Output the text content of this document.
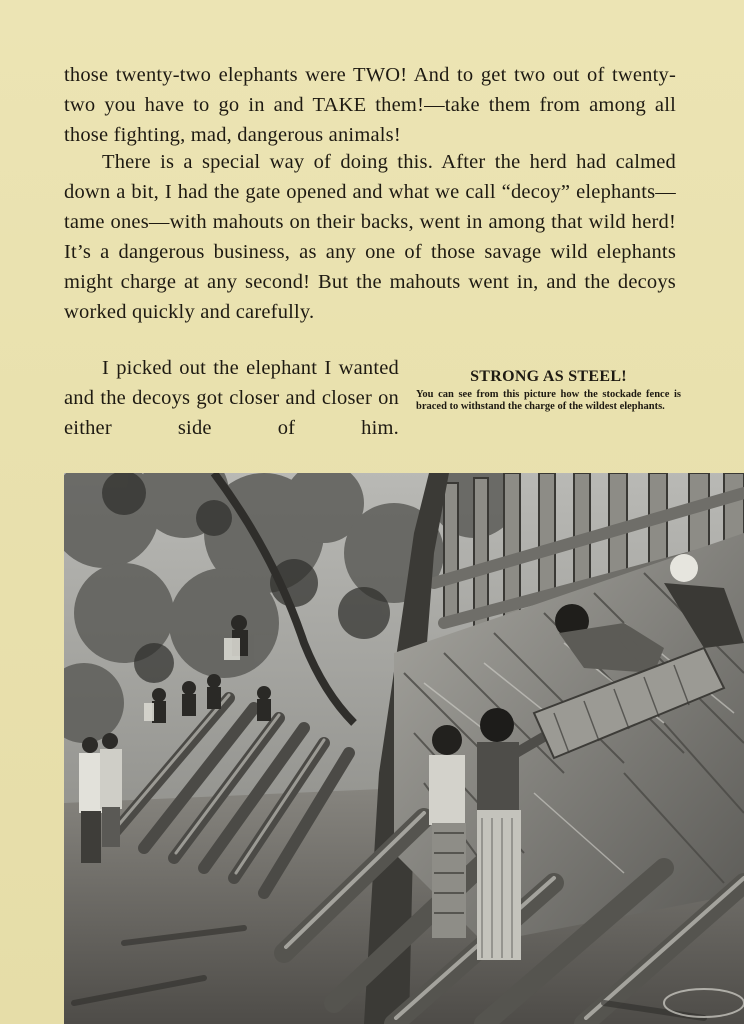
those twenty-two elephants were TWO! And to get two out of twenty-two you have to go in and TAKE them!—take them from among all those fighting, mad, dangerous animals!

There is a special way of doing this. After the herd had calmed down a bit, I had the gate opened and what we call “decoy” elephants—tame ones—with mahouts on their backs, went in among that wild herd! It’s a dangerous business, as any one of those savage wild elephants might charge at any second! But the mahouts went in, and the decoys worked quickly and carefully.

I picked out the elephant I wanted and the decoys got closer and closer on either side of him.

STRONG AS STEEL!

You can see from this picture how the stockade fence is braced to withstand the charge of the wildest elephants.
